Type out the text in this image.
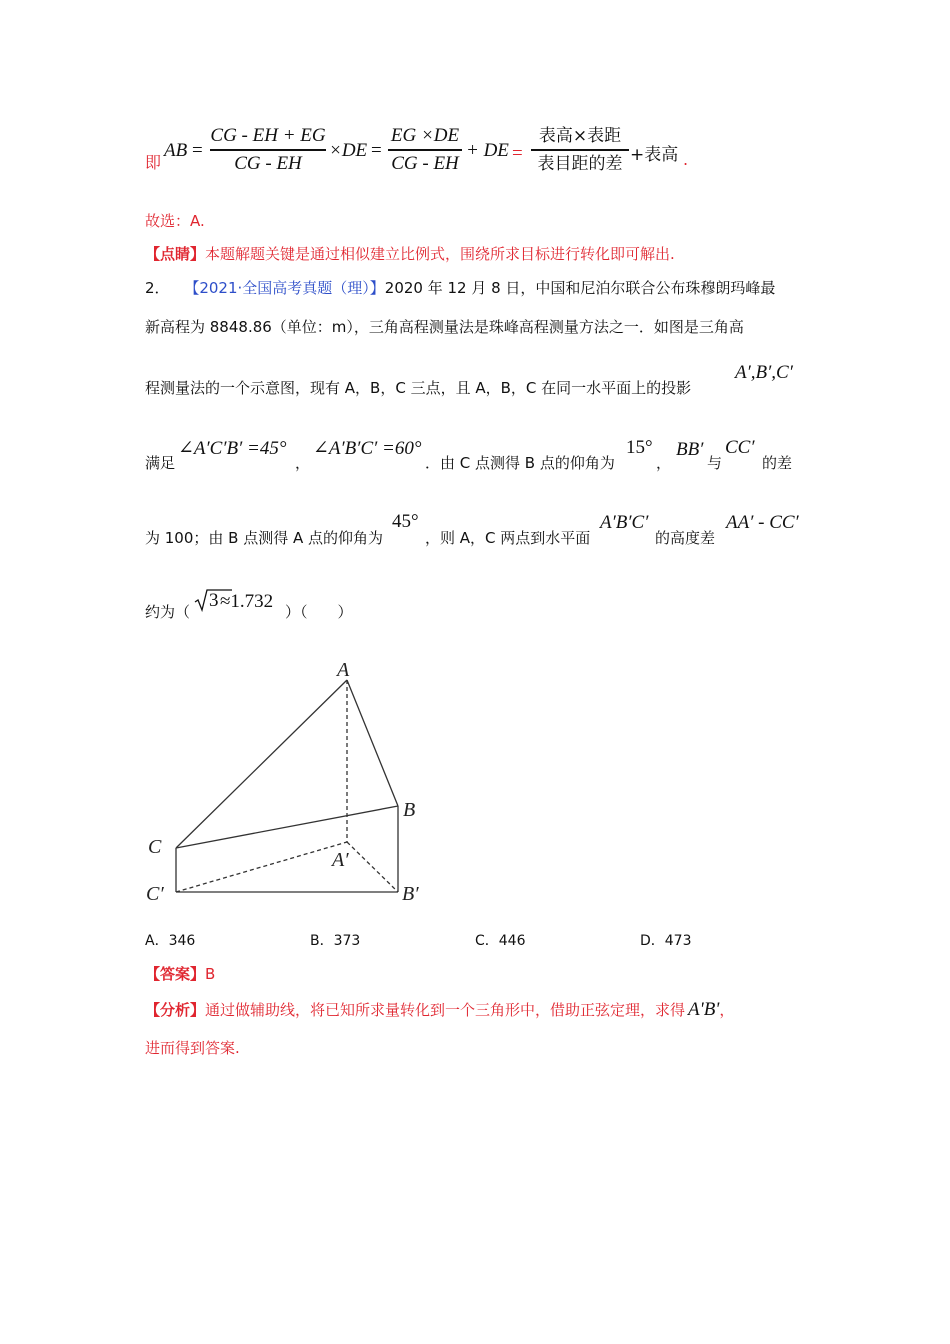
即
AB =
CG - EH + EG
CG - EH
×DE =
EG ×DE
CG - EH
+ DE =
表高×表距
表目距的差 +表高 .
故选：A.
【点睛】本题解题关键是通过相似建立比例式，围绕所求目标进行转化即可解出.
2． 【2021·全国高考真题（理）】2020 年 12 月 8 日，中国和尼泊尔联合公布珠穆朗玛峰最
新高程为 8848.86（单位：m），三角高程测量法是珠峰高程测量方法之一．如图是三角高
程测量法的一个示意图，现有 A，B，C 三点，且 A，B，C 在同一水平面上的投影
A′,B′,C′
满足
∠A′C′B′ =45°
，
∠A′B′C′ =60°
．由 C 点测得 B 点的仰角为
15°
，
BB′
与
CC′
的差
为 100；由 B 点测得 A 点的仰角为
45°
，则 A，C 两点到水平面
A′B′C′
的高度差
AA′ - CC′
约为（
3 ≈1.732 ）（　　）
A
B
C
A′
B′
C′
A．346	B．373	C．446	D．473
【答案】B
【分析】通过做辅助线，将已知所求量转化到一个三角形中，借助正弦定理，求得 A'B'，
进而得到答案.
